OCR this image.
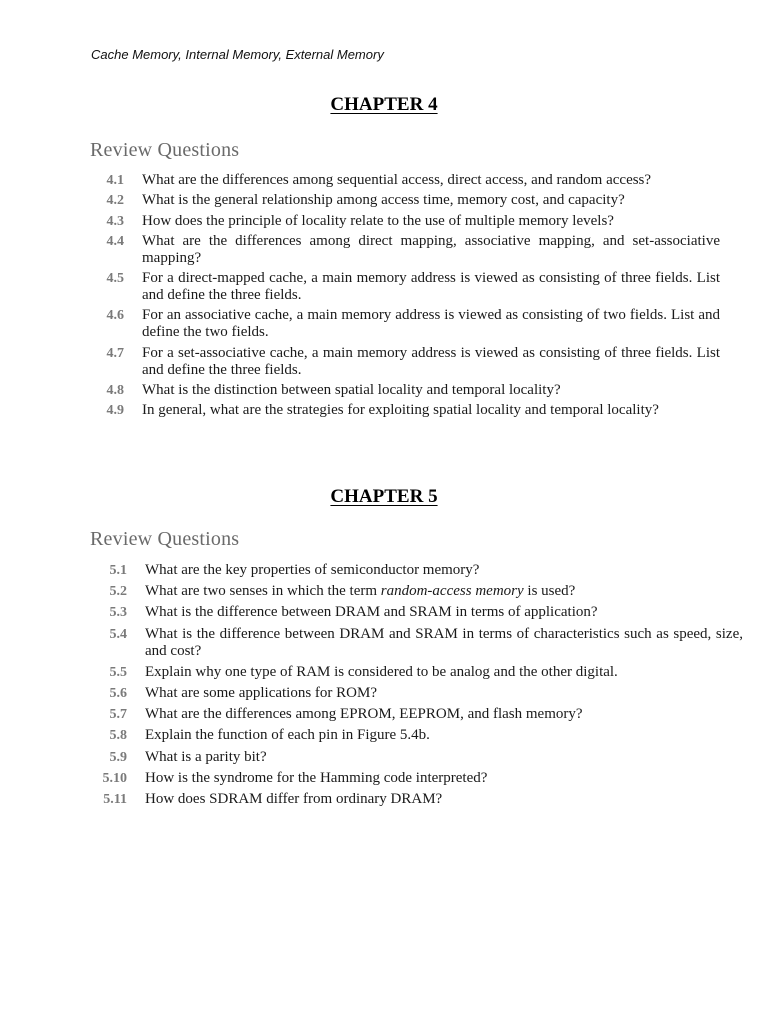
Cache Memory, Internal Memory, External Memory
CHAPTER 4
Review Questions
4.1 What are the differences among sequential access, direct access, and random access?
4.2 What is the general relationship among access time, memory cost, and capacity?
4.3 How does the principle of locality relate to the use of multiple memory levels?
4.4 What are the differences among direct mapping, associative mapping, and set-associative mapping?
4.5 For a direct-mapped cache, a main memory address is viewed as consisting of three fields. List and define the three fields.
4.6 For an associative cache, a main memory address is viewed as consisting of two fields. List and define the two fields.
4.7 For a set-associative cache, a main memory address is viewed as consisting of three fields. List and define the three fields.
4.8 What is the distinction between spatial locality and temporal locality?
4.9 In general, what are the strategies for exploiting spatial locality and temporal locality?
CHAPTER 5
Review Questions
5.1 What are the key properties of semiconductor memory?
5.2 What are two senses in which the term random-access memory is used?
5.3 What is the difference between DRAM and SRAM in terms of application?
5.4 What is the difference between DRAM and SRAM in terms of characteristics such as speed, size, and cost?
5.5 Explain why one type of RAM is considered to be analog and the other digital.
5.6 What are some applications for ROM?
5.7 What are the differences among EPROM, EEPROM, and flash memory?
5.8 Explain the function of each pin in Figure 5.4b.
5.9 What is a parity bit?
5.10 How is the syndrome for the Hamming code interpreted?
5.11 How does SDRAM differ from ordinary DRAM?
